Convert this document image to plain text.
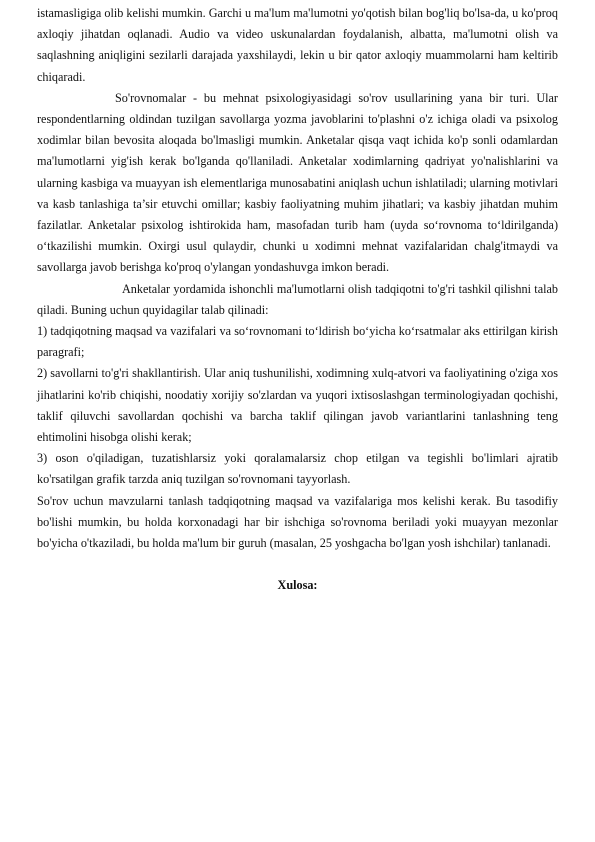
istamasligiga olib kelishi mumkin. Garchi u ma'lum ma'lumotni yo'qotish bilan bog'liq bo'lsa-da, u ko'proq axloqiy jihatdan oqlanadi. Audio va video uskunalardan foydalanish, albatta, ma'lumotni olish va saqlashning aniqligini sezilarli darajada yaxshilaydi, lekin u bir qator axloqiy muammolarni ham keltirib chiqaradi.

So'rovnomalar - bu mehnat psixologiyasidagi so'rov usullarining yana bir turi. Ular respondentlarning oldindan tuzilgan savollarga yozma javoblarini to'plashni o'z ichiga oladi va psixolog xodimlar bilan bevosita aloqada bo'lmasligi mumkin. Anketalar qisqa vaqt ichida ko'p sonli odamlardan ma'lumotlarni yig'ish kerak bo'lganda qo'llaniladi. Anketalar xodimlarning qadriyat yo'nalishlarini va ularning kasbiga va muayyan ish elementlariga munosabatini aniqlash uchun ishlatiladi; ularning motivlari va kasb tanlashiga ta’sir etuvchi omillar; kasbiy faoliyatning muhim jihatlari; va kasbiy jihatdan muhim fazilatlar. Anketalar psixolog ishtirokida ham, masofadan turib ham (uyda so‘rovnoma to‘ldirilganda) o‘tkazilishi mumkin. Oxirgi usul qulaydir, chunki u xodimni mehnat vazifalaridan chalg'itmaydi va savollarga javob berishga ko'proq o'ylangan yondashuvga imkon beradi.

Anketalar yordamida ishonchli ma'lumotlarni olish tadqiqotni to'g'ri tashkil qilishni talab qiladi. Buning uchun quyidagilar talab qilinadi:

1) tadqiqotning maqsad va vazifalari va so‘rovnomani to‘ldirish bo‘yicha ko‘rsatmalar aks ettirilgan kirish paragrafi;

2) savollarni to'g'ri shakllantirish. Ular aniq tushunilishi, xodimning xulq-atvori va faoliyatining o'ziga xos jihatlarini ko'rib chiqishi, noodatiy xorijiy so'zlardan va yuqori ixtisoslashgan terminologiyadan qochishi, taklif qiluvchi savollardan qochishi va barcha taklif qilingan javob variantlarini tanlashning teng ehtimolini hisobga olishi kerak;

3) oson o'qiladigan, tuzatishlarsiz yoki qoralamalarsiz chop etilgan va tegishli bo'limlari ajratib ko'rsatilgan grafik tarzda aniq tuzilgan so'rovnomani tayyorlash.

So'rov uchun mavzularni tanlash tadqiqotning maqsad va vazifalariga mos kelishi kerak. Bu tasodifiy bo'lishi mumkin, bu holda korxonadagi har bir ishchiga so'rovnoma beriladi yoki muayyan mezonlar bo'yicha o'tkaziladi, bu holda ma'lum bir guruh (masalan, 25 yoshgacha bo'lgan yosh ishchilar) tanlanadi.

Xulosa:
